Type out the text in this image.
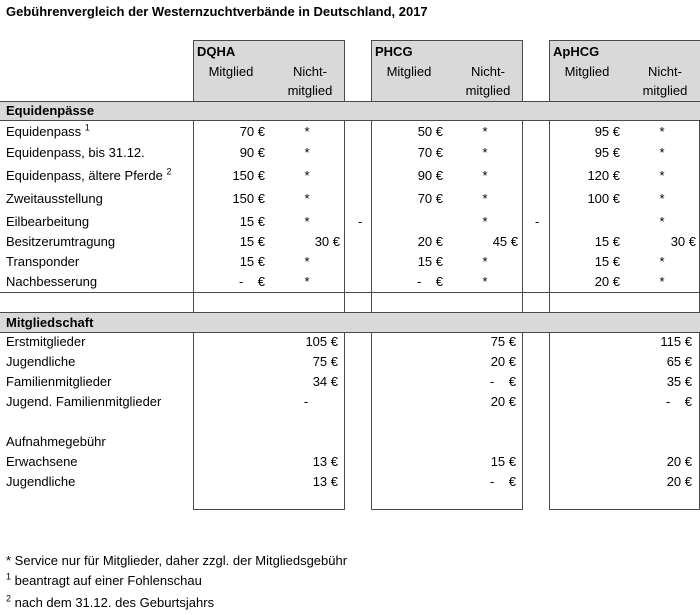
Gebührenvergleich der Westernzuchtverbände in Deutschland, 2017
DQHA	PHCG	ApHCG
Mitglied	Nicht-
mitglied
Mitglied	Nicht-
mitglied
Mitglied	Nicht-
mitglied
Equidenpässe
Mitgliedschaft
Equidenpass $^1$	70 €	*	50 €	*	95 €	*
Equidenpass, bis 31.12.	90 €	*	70 €	*	95 €	*
Equidenpass, ältere Pferde $^2$	150 €	*	90 €	*	120 €	*
Zweitausstellung	150 €	*	70 €	*	100 €	*
Eilbearbeitung	15 €	*	-	*	-	*
Besitzerumtragung	15 €	30 €	20 €	45 €	15 €	30 €
Transponder	15 €	*	15 €	*	15 €	*
Nachbesserung	-    €	*	-    €	*	20 €	*
Erstmitglieder	105 €	75 €	115 €
Jugendliche	75 €	20 €	65 €
Familienmitglieder	34 €	-    €	35 €
Jugend. Familienmitglieder	-	20 €	-    €
Aufnahmegebühr
Erwachsene	13 €	15 €	20 €
Jugendliche	13 €	-    €	20 €
* Service nur für Mitglieder, daher zzgl. der Mitgliedsgebühr
$^1$ beantragt auf einer Fohlenschau
$^2$ nach dem 31.12. des Geburtsjahrs
